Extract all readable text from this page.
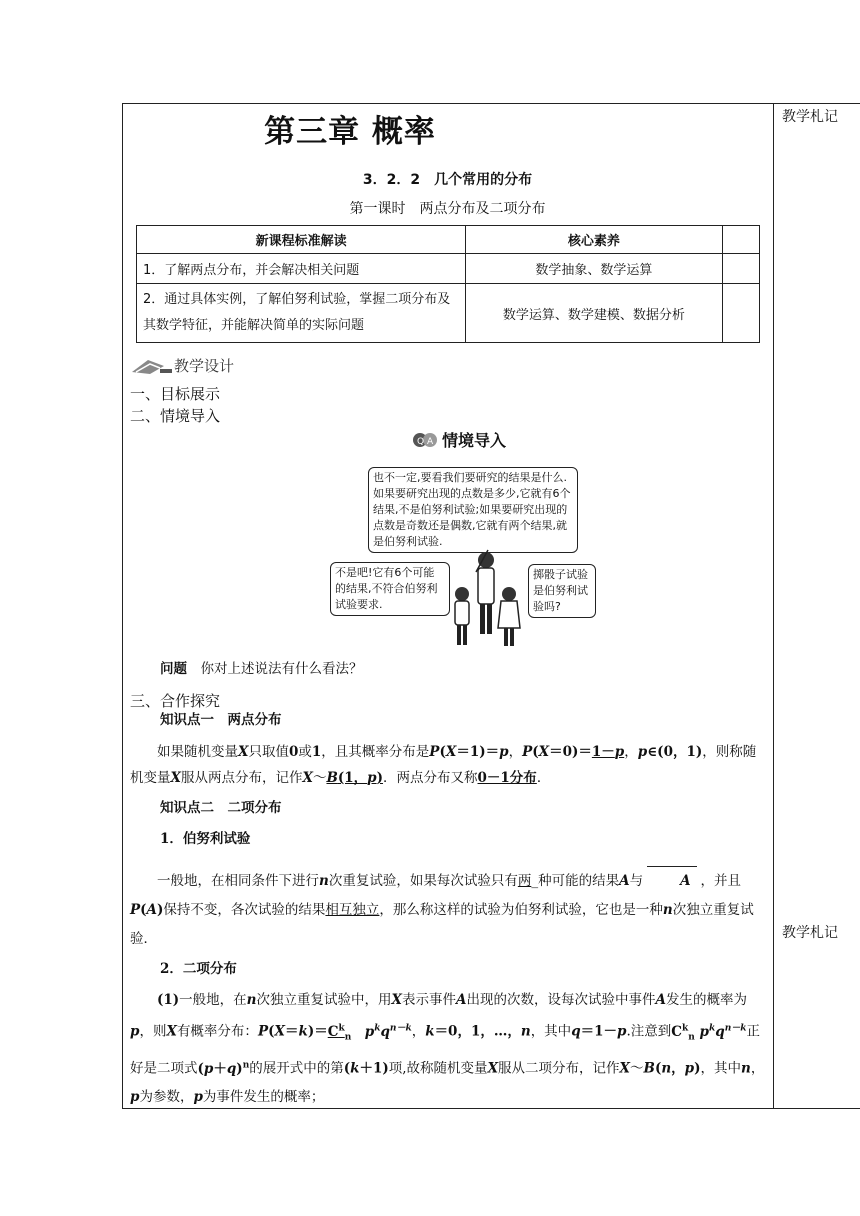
教学札记
教学札记
第三章 概率
3．2．2　几个常用的分布
第一课时　两点分布及二项分布
新课程标准解读	核心素养	
1．了解两点分布，并会解决相关问题	数学抽象、数学运算	
2．通过具体实例，了解伯努利试验，掌握二项分布及其数学特征，并能解决简单的实际问题	数学运算、数学建模、数据分析	
教学设计
一、目标展示
二、情境导入
Q A 情境导入
也不一定,要看我们要研究的结果是什么.如果要研究出现的点数是多少,它就有6个结果,不是伯努利试验;如果要研究出现的点数是奇数还是偶数,它就有两个结果,就是伯努利试验.
不是吧!它有6个可能的结果,不符合伯努利试验要求.
掷骰子试验是伯努利试验吗?
问题　 你对上述说法有什么看法？
三、合作探究
知识点一　两点分布
如果随机变量X只取值0或1，且其概率分布是P(X＝1)＝p，P(X＝0)＝1－p，p∈(0，1)，则称随机变量X服从两点分布，记作X～B(1，p)．两点分布又称0－1分布．
知识点二　二项分布
1．伯努利试验
一般地，在相同条件下进行n次重复试验，如果每次试验只有两_种可能的结果A与	A ，并且P(A)保持不变，各次试验的结果相互独立，那么称这样的试验为伯努利试验，它也是一种n次独立重复试验．
2．二项分布
(1)一般地，在n次独立重复试验中，用X表示事件A出现的次数，设每次试验中事件A发生的概率为p，则X有概率分布：$P(X=k)=C^k_n$　 $p^kq^{n-k}$，k＝0，1，…，n，其中q＝1－p.注意到$C^k_n$ $p^kq^{n-k}$正好是二项式$(p+q)^n$的展开式中的第(k＋1)项,故称随机变量X服从二项分布，记作X～B(n，p)，其中n，p为参数，p为事件发生的概率；
